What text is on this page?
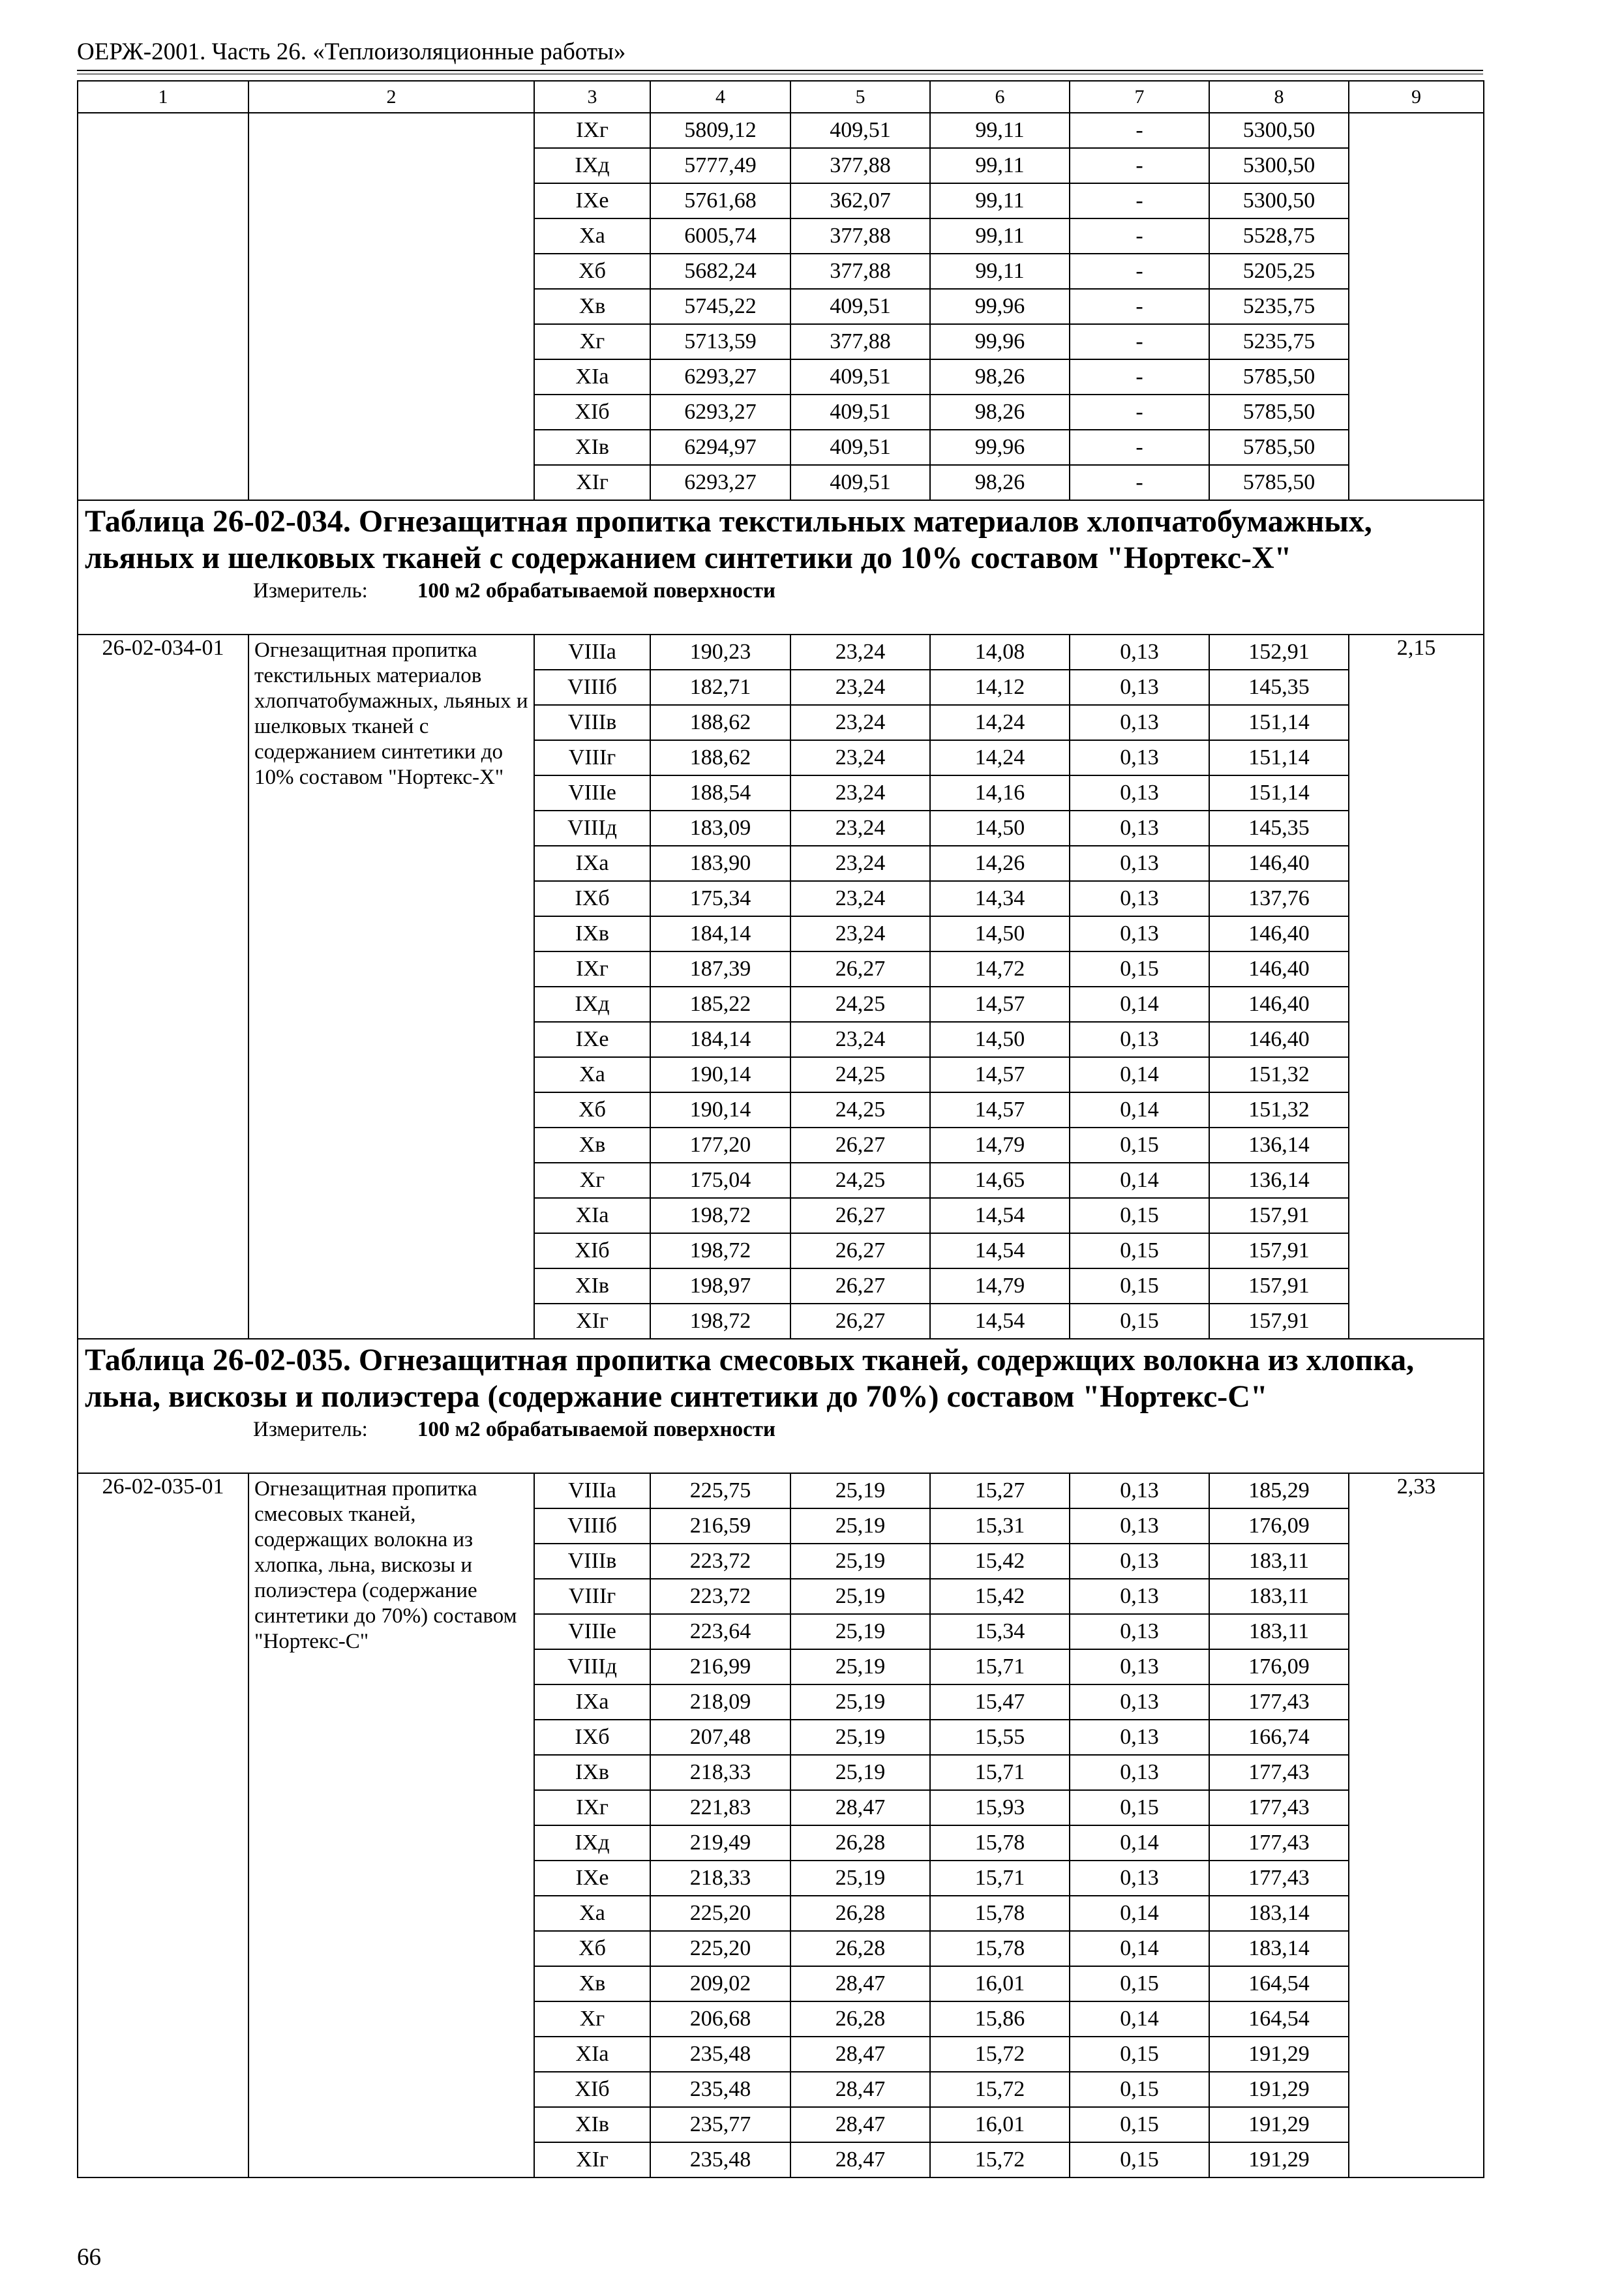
ОЕРЖ-2001. Часть 26. «Теплоизоляционные работы»
1	2	3	4	5	6	7	8	9
		IXг	5809,12	409,51	99,11	-	5300,50	
		IXд	5777,49	377,88	99,11	-	5300,50	
		IXе	5761,68	362,07	99,11	-	5300,50	
		Xа	6005,74	377,88	99,11	-	5528,75	
		Xб	5682,24	377,88	99,11	-	5205,25	
		Xв	5745,22	409,51	99,96	-	5235,75	
		Xг	5713,59	377,88	99,96	-	5235,75	
		XIа	6293,27	409,51	98,26	-	5785,50	
		XIб	6293,27	409,51	98,26	-	5785,50	
		XIв	6294,97	409,51	99,96	-	5785,50	
		XIг	6293,27	409,51	98,26	-	5785,50	

Таблица 26-02-034. Огнезащитная пропитка текстильных материалов хлопчатобумажных, льяных и шелковых тканей с содержанием синтетики до 10% составом "Нортекс-X"
Измеритель: 100 м2 обрабатываемой поверхности								

26-02-034-01	Огнезащитная пропитка текстильных материалов хлопчатобумажных, льяных и шелковых тканей с содержанием синтетики до 10% составом "Нортекс-X"	VIIIа	190,23	23,24	14,08	0,13	152,91	2,15
		VIIIб	182,71	23,24	14,12	0,13	145,35	
		VIIIв	188,62	23,24	14,24	0,13	151,14	
		VIIIг	188,62	23,24	14,24	0,13	151,14	
		VIIIе	188,54	23,24	14,16	0,13	151,14	
		VIIIд	183,09	23,24	14,50	0,13	145,35	
		IXа	183,90	23,24	14,26	0,13	146,40	
		IXб	175,34	23,24	14,34	0,13	137,76	
		IXв	184,14	23,24	14,50	0,13	146,40	
		IXг	187,39	26,27	14,72	0,15	146,40	
		IXд	185,22	24,25	14,57	0,14	146,40	
		IXе	184,14	23,24	14,50	0,13	146,40	
		Xа	190,14	24,25	14,57	0,14	151,32	
		Xб	190,14	24,25	14,57	0,14	151,32	
		Xв	177,20	26,27	14,79	0,15	136,14	
		Xг	175,04	24,25	14,65	0,14	136,14	
		XIа	198,72	26,27	14,54	0,15	157,91	
		XIб	198,72	26,27	14,54	0,15	157,91	
		XIв	198,97	26,27	14,79	0,15	157,91	
		XIг	198,72	26,27	14,54	0,15	157,91	

Таблица 26-02-035. Огнезащитная пропитка смесовых тканей, содержщих волокна из хлопка, льна, вискозы и полиэстера (содержание синтетики до 70%) составом "Нортекс-С"
Измеритель: 100 м2 обрабатываемой поверхности								

26-02-035-01	Огнезащитная пропитка смесовых тканей, содержащих волокна из хлопка, льна, вискозы и полиэстера (содержание синтетики до 70%) составом "Нортекс-С"	VIIIа	225,75	25,19	15,27	0,13	185,29	2,33
		VIIIб	216,59	25,19	15,31	0,13	176,09	
		VIIIв	223,72	25,19	15,42	0,13	183,11	
		VIIIг	223,72	25,19	15,42	0,13	183,11	
		VIIIе	223,64	25,19	15,34	0,13	183,11	
		VIIIд	216,99	25,19	15,71	0,13	176,09	
		IXа	218,09	25,19	15,47	0,13	177,43	
		IXб	207,48	25,19	15,55	0,13	166,74	
		IXв	218,33	25,19	15,71	0,13	177,43	
		IXг	221,83	28,47	15,93	0,15	177,43	
		IXд	219,49	26,28	15,78	0,14	177,43	
		IXе	218,33	25,19	15,71	0,13	177,43	
		Xа	225,20	26,28	15,78	0,14	183,14	
		Xб	225,20	26,28	15,78	0,14	183,14	
		Xв	209,02	28,47	16,01	0,15	164,54	
		Xг	206,68	26,28	15,86	0,14	164,54	
		XIа	235,48	28,47	15,72	0,15	191,29	
		XIб	235,48	28,47	15,72	0,15	191,29	
		XIв	235,77	28,47	16,01	0,15	191,29	
		XIг	235,48	28,47	15,72	0,15	191,29	
66
